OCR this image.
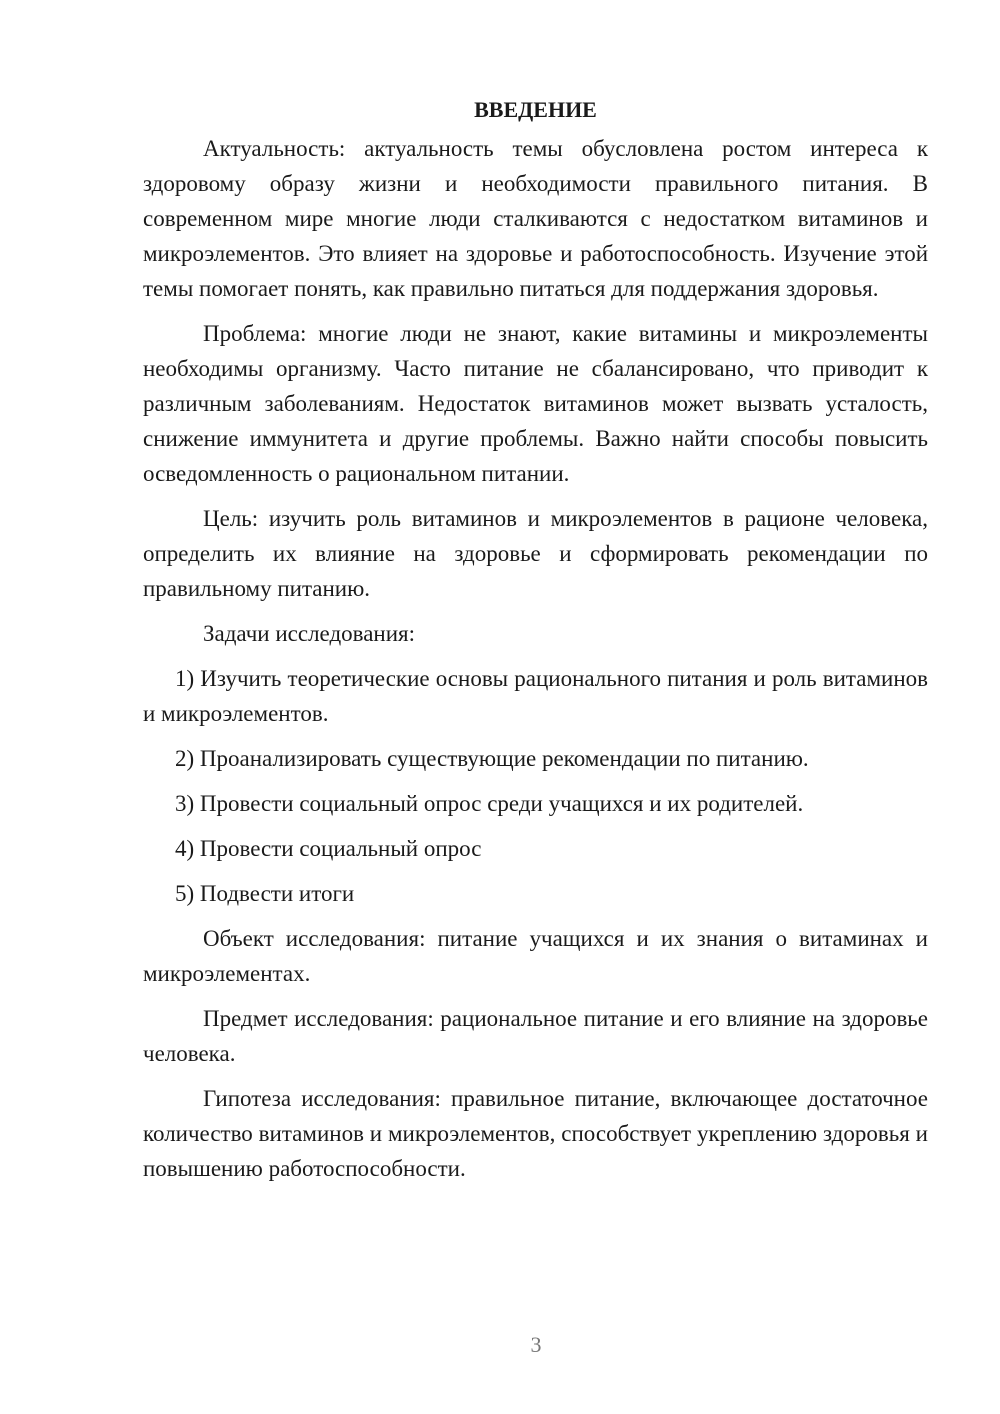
ВВЕДЕНИЕ

Актуальность: актуальность темы обусловлена ростом интереса к здоровому образу жизни и необходимости правильного питания. В современном мире многие люди сталкиваются с недостатком витаминов и микроэлементов. Это влияет на здоровье и работоспособность. Изучение этой темы помогает понять, как правильно питаться для поддержания здоровья.

Проблема: многие люди не знают, какие витамины и микроэлементы необходимы организму. Часто питание не сбалансировано, что приводит к различным заболеваниям. Недостаток витаминов может вызвать усталость, снижение иммунитета и другие проблемы. Важно найти способы повысить осведомленность о рациональном питании.

Цель: изучить роль витаминов и микроэлементов в рационе человека, определить их влияние на здоровье и сформировать рекомендации по правильному питанию.

Задачи исследования:

1) Изучить теоретические основы рационального питания и роль витаминов и микроэлементов.

2) Проанализировать существующие рекомендации по питанию.

3) Провести социальный опрос среди учащихся и их родителей.

4) Провести социальный опрос

5) Подвести итоги

Объект исследования: питание учащихся и их знания о витаминах и микроэлементах.

Предмет исследования: рациональное питание и его влияние на здоровье человека.

Гипотеза исследования: правильное питание, включающее достаточное количество витаминов и микроэлементов, способствует укреплению здоровья и повышению работоспособности.

3
